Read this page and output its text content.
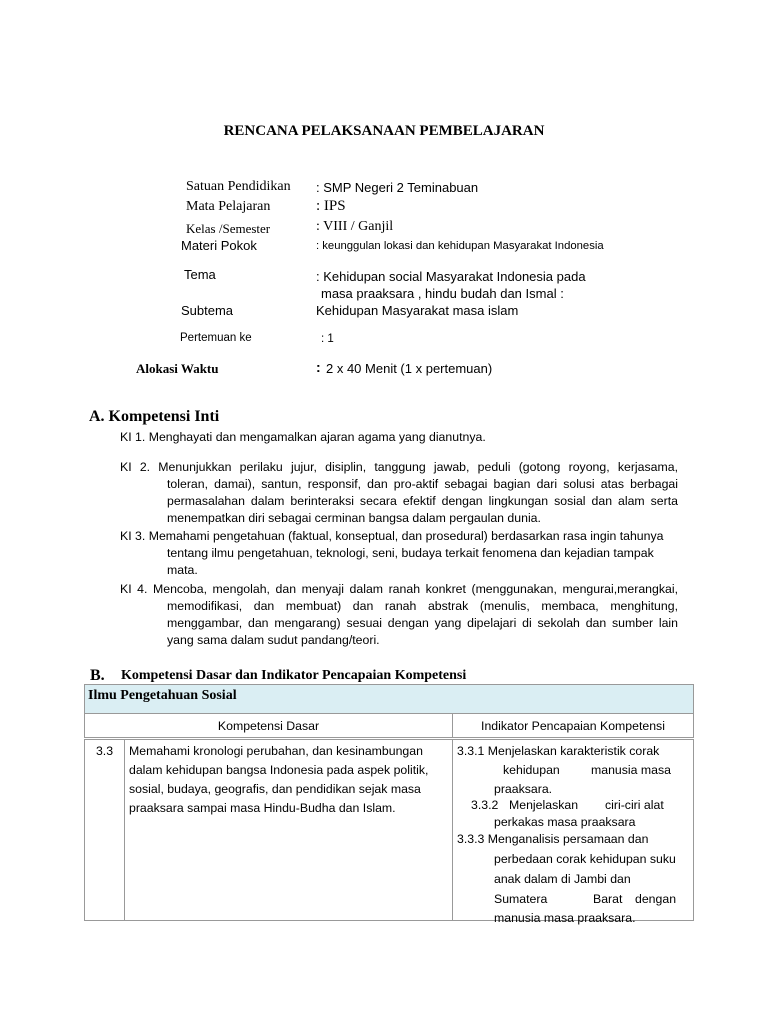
RENCANA PELAKSANAAN PEMBELAJARAN
Satuan Pendidikan : SMP Negeri 2 Teminabuan
Mata Pelajaran	: IPS
Kelas /Semester	: VIII / Ganjil
Materi Pokok	: keunggulan lokasi dan kehidupan Masyarakat Indonesia
Tema	: Kehidupan social Masyarakat Indonesia pada
masa praaksara , hindu budah dan Ismal :
Subtema	Kehidupan Masyarakat masa islam
Pertemuan ke	: 1
Alokasi Waktu	: 2 x 40 Menit (1 x pertemuan)
A. Kompetensi Inti
KI 1. Menghayati dan mengamalkan ajaran agama yang dianutnya.
KI 2. Menunjukkan perilaku jujur, disiplin, tanggung jawab, peduli (gotong royong, kerjasama,
toleran, damai), santun, responsif, dan pro-aktif sebagai bagian dari solusi atas berbagai
permasalahan dalam berinteraksi secara efektif dengan lingkungan sosial dan alam serta
menempatkan diri sebagai cerminan bangsa dalam pergaulan dunia.
KI 3. Memahami pengetahuan (faktual, konseptual, dan prosedural) berdasarkan rasa ingin tahunya
tentang ilmu pengetahuan, teknologi, seni, budaya terkait fenomena dan kejadian tampak
mata.
KI 4. Mencoba, mengolah, dan menyaji dalam ranah konkret (menggunakan, mengurai,merangkai,
memodifikasi, dan membuat) dan ranah abstrak (menulis, membaca, menghitung,
menggambar, dan mengarang) sesuai dengan yang dipelajari di sekolah dan sumber lain
yang sama dalam sudut pandang/teori.
B. Kompetensi Dasar dan Indikator Pencapaian Kompetensi
Ilmu Pengetahuan Sosial
Kompetensi Dasar	Indikator Pencapaian Kompetensi
3.3	Memahami kronologi perubahan, dan kesinambungan dalam kehidupan bangsa Indonesia pada aspek politik, sosial, budaya, geografis, dan pendidikan sejak masa praaksara sampai masa Hindu-Budha dan Islam.
3.3.1 Menjelaskan karakteristik corak
kehidupan	manusia masa
praaksara.
3.3.2 Menjelaskan ciri-ciri alat
perkakas masa praaksara
3.3.3 Menganalisis persamaan dan
perbedaan corak kehidupan suku
anak dalam di Jambi dan
Sumatera	Barat dengan
manusia masa praaksara.
